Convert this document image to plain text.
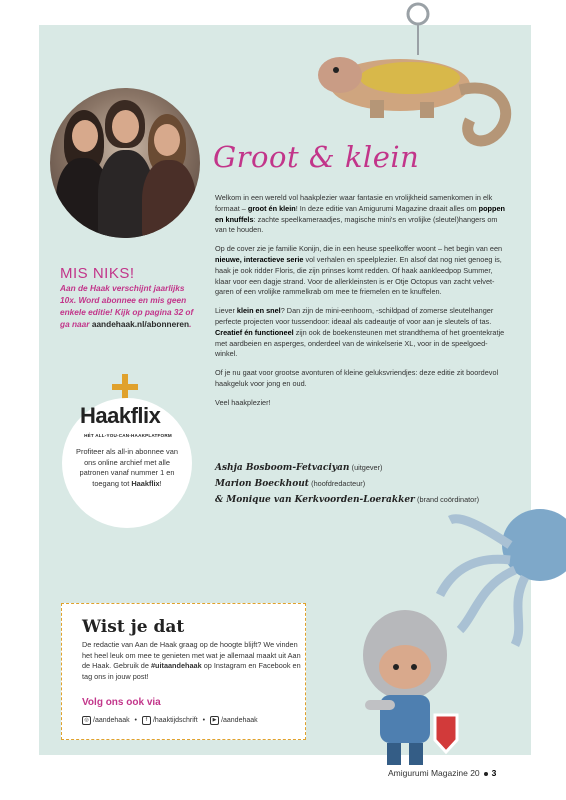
Groot & klein

Welkom in een wereld vol haakplezier waar fantasie en vrolijkheid samenkomen in elk formaat – groot én klein! In deze editie van Amigurumi Magazine draait alles om poppen en knuffels: zachte speelkameraadjes, magische mini's en vrolijke (sleutel)hangers om van te houden.

Op de cover zie je familie Konijn, die in een heuse speelkoffer woont – het begin van een nieuwe, interactieve serie vol verhalen en speelplezier. En alsof dat nog niet genoeg is, haak je ook ridder Floris, die zijn prinses komt redden. Of haak aankleedpop Summer, klaar voor een dagje strand. Voor de allerkleinsten is er Otje Octopus van zacht velvet-garen of een vrolijke rammelkrab om mee te friemelen en te knuffelen.

Liever klein en snel? Dan zijn de mini-eenhoorn, -schildpad of zomerse sleutelhanger perfecte projecten voor tussendoor: ideaal als cadeautje of voor aan je sleutels of tas. Creatief én functioneel zijn ook de boekensteunen met strandthema of het groentekratje met aardbeien en asperges, onderdeel van de winkelserie XL, voor in de speelgoed-winkel.

Of je nu gaat voor grootse avonturen of kleine geluksvriendjes: deze editie zit boordevol haakgeluk voor jong en oud.

Veel haakplezier!

Ashja Bosboom-Fetvaciyan (uitgever)
Marion Boeckhout (hoofdredacteur)
& Monique van Kerkvoorden-Loerakker (brand coördinator)
MIS NIKS!
Aan de Haak verschijnt jaarlijks 10x. Word abonnee en mis geen enkele editie! Kijk op pagina 32 of ga naar aandehaak.nl/abonneren.
Haakflix
HÉT ALL-YOU-CAN-HAAKPLATFORM
Profiteer als all-in abonnee van ons online archief met alle patronen vanaf nummer 1 en toegang tot Haakflix!
Wist je dat
De redactie van Aan de Haak graag op de hoogte blijft? We vinden het heel leuk om mee te genieten met wat je allemaal maakt uit Aan de Haak. Gebruik de #uitaandehaak op Instagram en Facebook en tag ons in jouw post!
Volg ons ook via
◎ /aandehaak • f /haaktijdschrift • ▶ /aandehaak
Amigurumi Magazine 20 3
